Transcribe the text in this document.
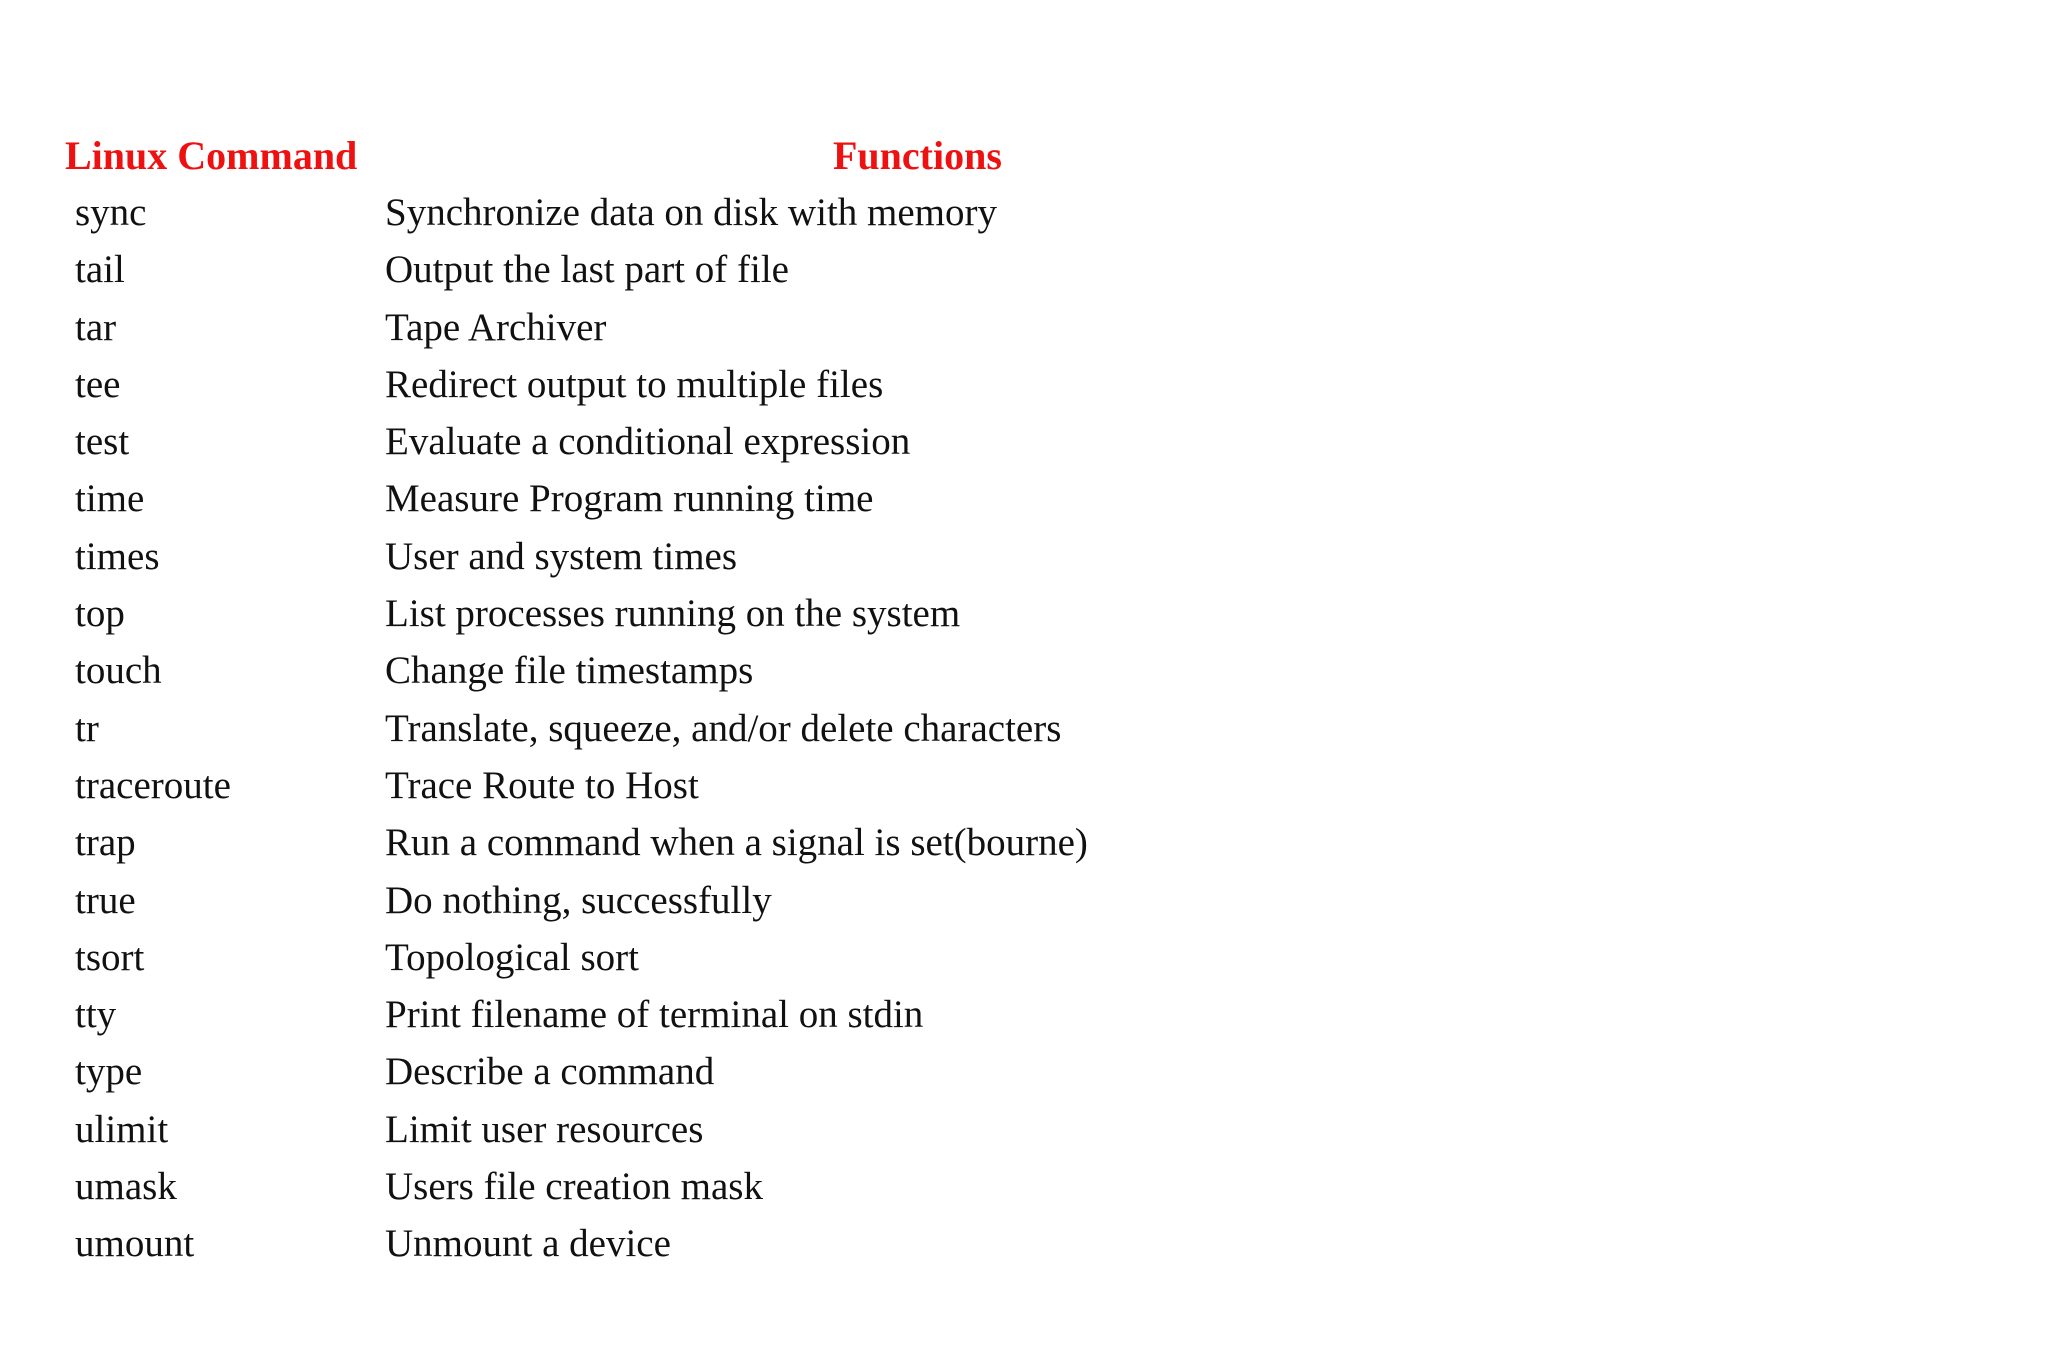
Linux Command	Functions
sync	Synchronize data on disk with memory
tail	Output the last part of file
tar	Tape Archiver
tee	Redirect output to multiple files
test	Evaluate a conditional expression
time	Measure Program running time
times	User and system times
top	List processes running on the system
touch	Change file timestamps
tr	Translate, squeeze, and/or delete characters
traceroute	Trace Route to Host
trap	Run a command when a signal is set(bourne)
true	Do nothing, successfully
tsort	Topological sort
tty	Print filename of terminal on stdin
type	Describe a command
ulimit	Limit user resources
umask	Users file creation mask
umount	Unmount a device
